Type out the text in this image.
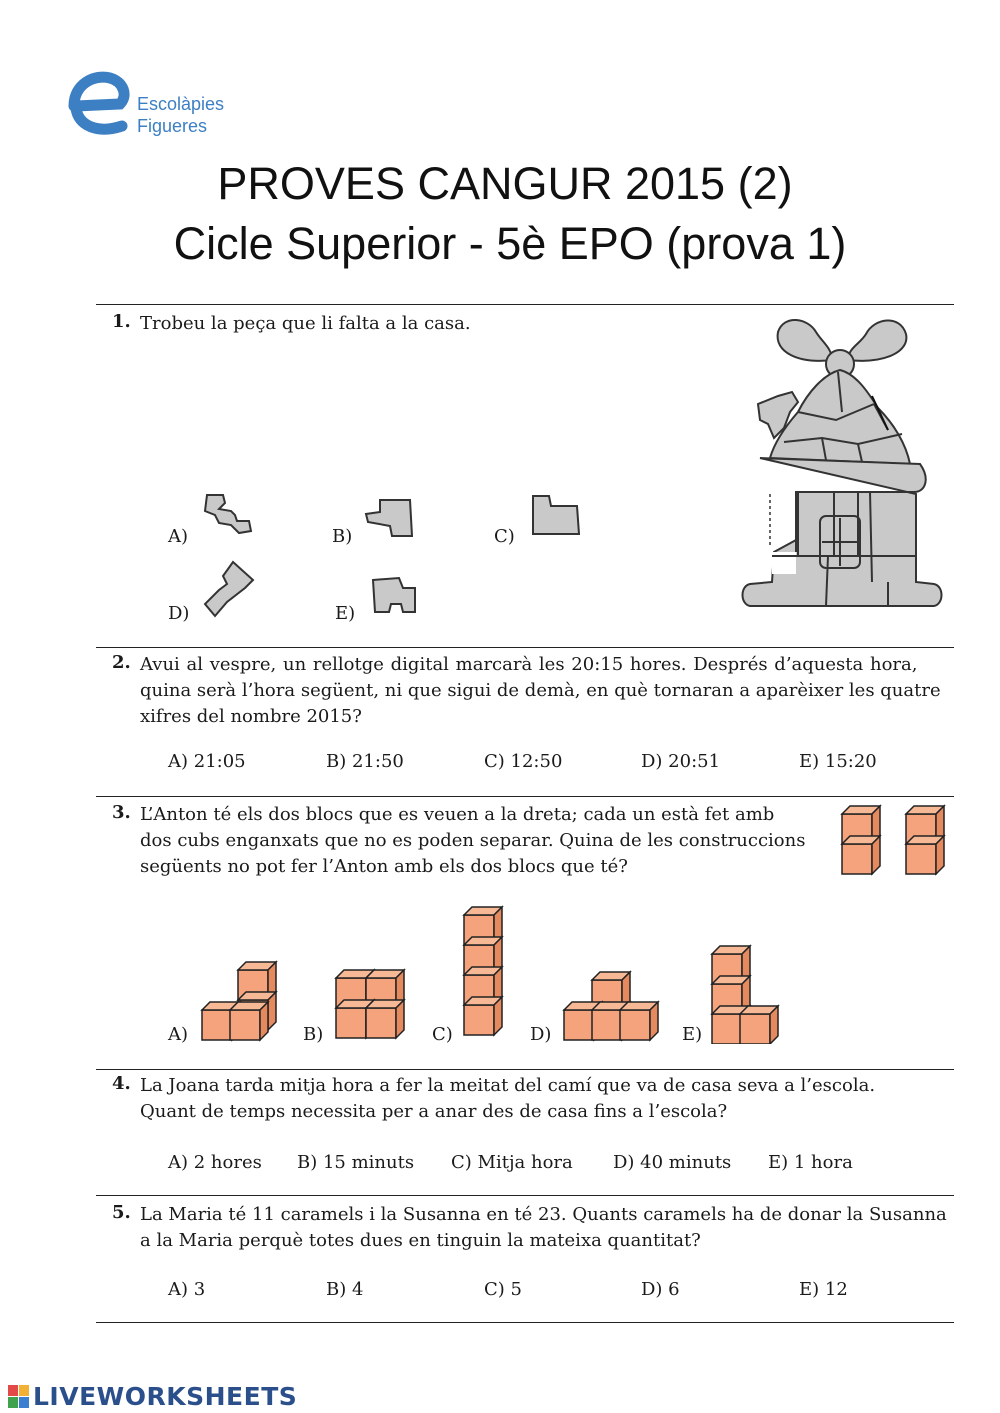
Escolàpies
Figueres
PROVES CANGUR 2015 (2)
Cicle Superior - 5è EPO (prova 1)
1. Trobeu la peça que li falta a la casa.
A)	B)	C)
D)	E)
2. Avui al vespre, un rellotge digital marcarà les 20:15 hores. Després d’aquesta hora,
quina serà l’hora següent, ni que sigui de demà, en què tornaran a aparèixer les quatre
xifres del nombre 2015?
A) 21:05	B) 21:50	C) 12:50	D) 20:51	E) 15:20
3. L’Anton té els dos blocs que es veuen a la dreta; cada un està fet amb
dos cubs enganxats que no es poden separar. Quina de les construccions
següents no pot fer l’Anton amb els dos blocs que té?
A)	B)	C)	D)	E)
4. La Joana tarda mitja hora a fer la meitat del camí que va de casa seva a l’escola.
Quant de temps necessita per a anar des de casa fins a l’escola?
A) 2 hores B) 15 minuts C) Mitja hora D) 40 minuts E) 1 hora
5. La Maria té 11 caramels i la Susanna en té 23. Quants caramels ha de donar la Susanna
a la Maria perquè totes dues en tinguin la mateixa quantitat?
A) 3	B) 4	C) 5	D) 6	E) 12
LIVEWORKSHEETS
